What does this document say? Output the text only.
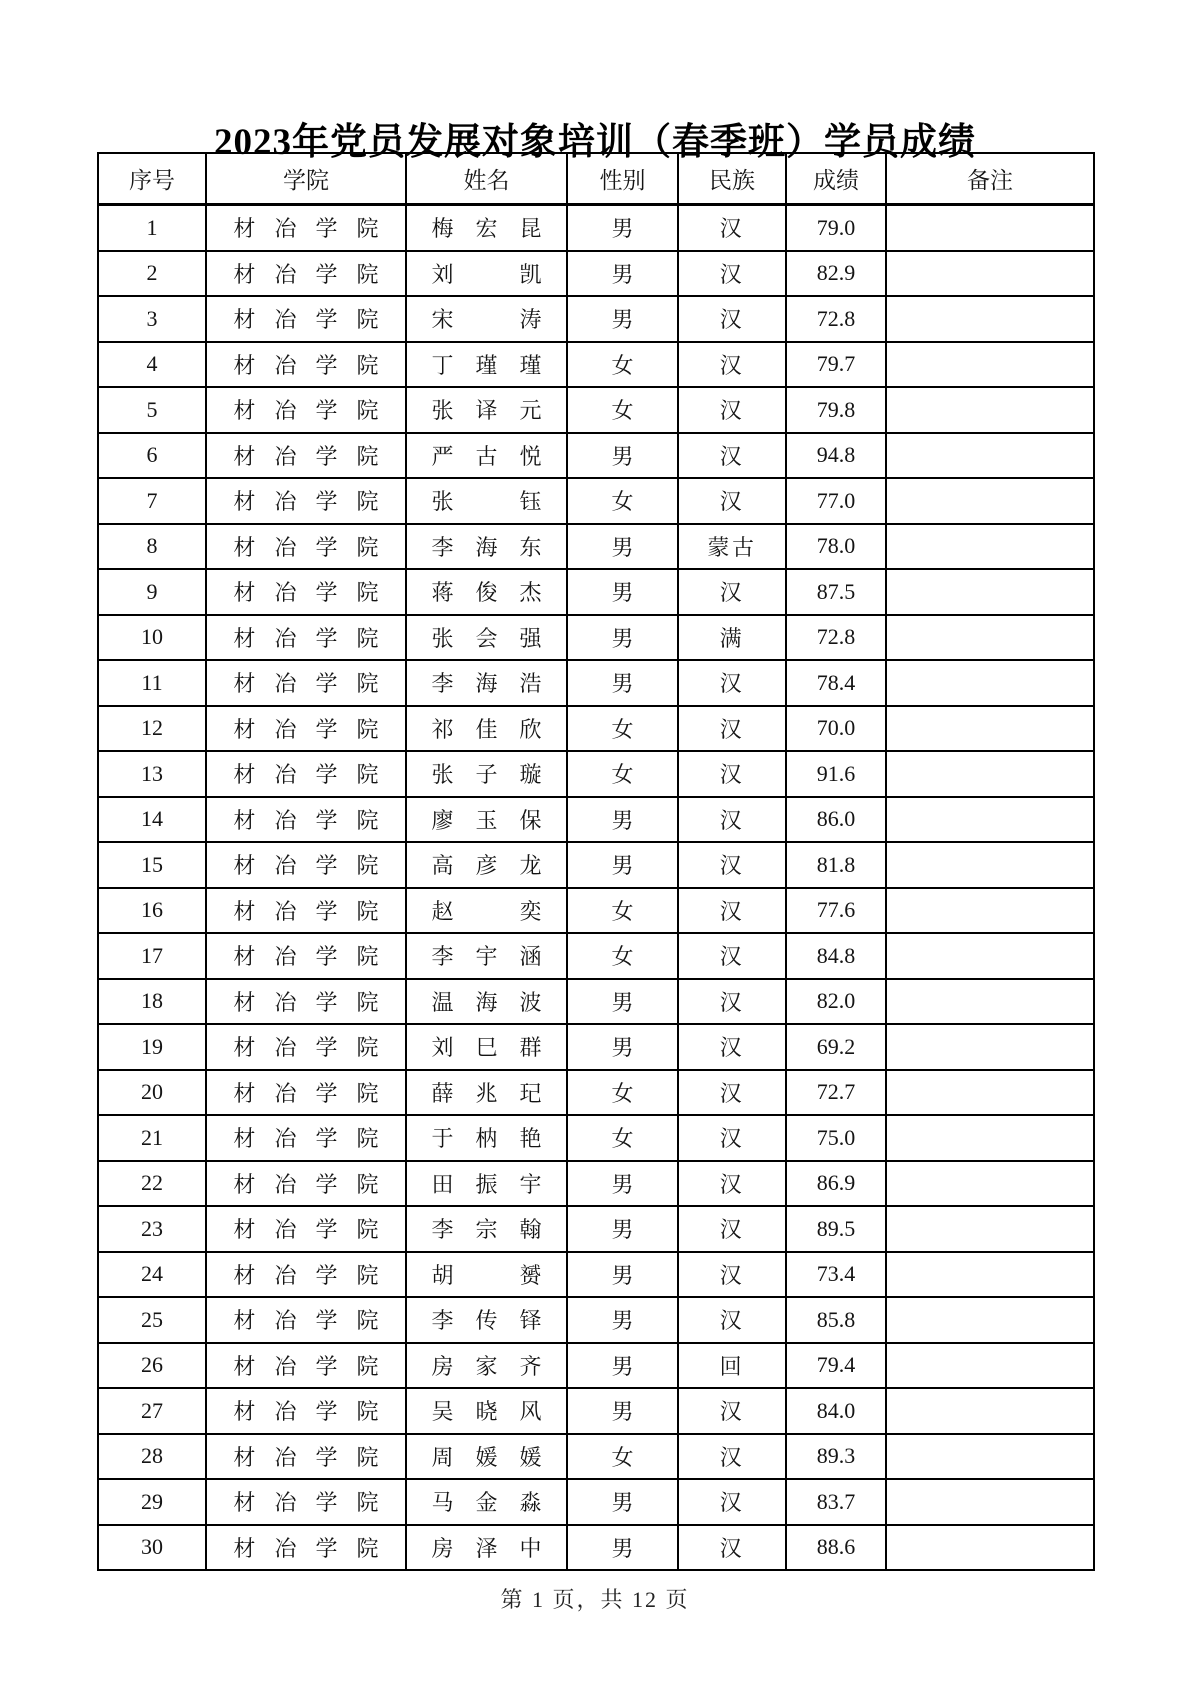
2023年党员发展对象培训（春季班）学员成绩
序号	学院	姓名	性别	民族	成绩	备注
1	材 冶 学 院	梅 宏 昆	男	汉	79.0	
2	材 冶 学 院	刘 凯	男	汉	82.9	
3	材 冶 学 院	宋 涛	男	汉	72.8	
4	材 冶 学 院	丁 瑾 瑾	女	汉	79.7	
5	材 冶 学 院	张 译 元	女	汉	79.8	
6	材 冶 学 院	严 古 悦	男	汉	94.8	
7	材 冶 学 院	张 钰	女	汉	77.0	
8	材 冶 学 院	李 海 东	男	蒙古	78.0	
9	材 冶 学 院	蒋 俊 杰	男	汉	87.5	
10	材 冶 学 院	张 会 强	男	满	72.8	
11	材 冶 学 院	李 海 浩	男	汉	78.4	
12	材 冶 学 院	祁 佳 欣	女	汉	70.0	
13	材 冶 学 院	张 子 璇	女	汉	91.6	
14	材 冶 学 院	廖 玉 保	男	汉	86.0	
15	材 冶 学 院	高 彦 龙	男	汉	81.8	
16	材 冶 学 院	赵 奕	女	汉	77.6	
17	材 冶 学 院	李 宇 涵	女	汉	84.8	
18	材 冶 学 院	温 海 波	男	汉	82.0	
19	材 冶 学 院	刘 巳 群	男	汉	69.2	
20	材 冶 学 院	薛 兆 玘	女	汉	72.7	
21	材 冶 学 院	于 枘 艳	女	汉	75.0	
22	材 冶 学 院	田 振 宇	男	汉	86.9	
23	材 冶 学 院	李 宗 翰	男	汉	89.5	
24	材 冶 学 院	胡 赟	男	汉	73.4	
25	材 冶 学 院	李 传 铎	男	汉	85.8	
26	材 冶 学 院	房 家 齐	男	回	79.4	
27	材 冶 学 院	吴 晓 风	男	汉	84.0	
28	材 冶 学 院	周 媛 媛	女	汉	89.3	
29	材 冶 学 院	马 金 淼	男	汉	83.7	
30	材 冶 学 院	房 泽 中	男	汉	88.6	
第 1 页，共 12 页
